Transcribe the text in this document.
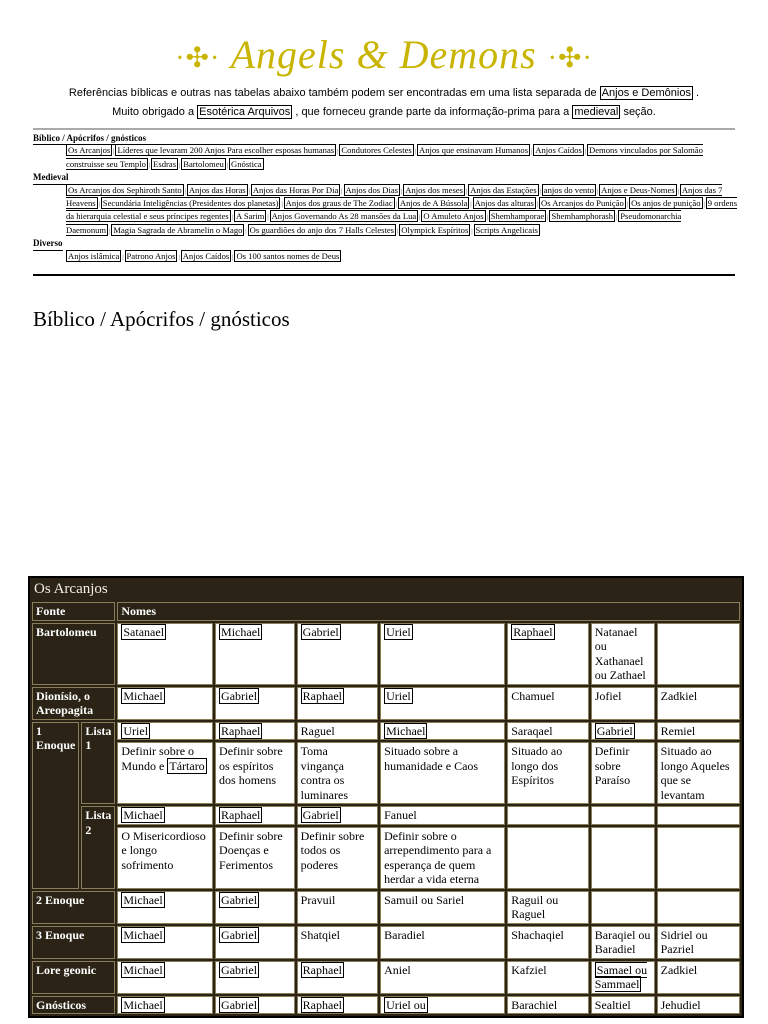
·✣· Angels & Demons ·✣·
Referências bíblicas e outras nas tabelas abaixo também podem ser encontradas em uma lista separada de Anjos e Demônios .
Muito obrigado a Esotérica Arquivos , que forneceu grande parte da informação-prima para a medieval seção.
Bíblico / Apócrifos / gnósticos
Os Arcanjos | Líderes que levaram 200 Anjos Para escolher esposas humanas | Condutores Celestes | Anjos que ensinavam Humanos | Anjos Caídos | Demons vinculados por Salomão construisse seu Templo | Esdras | Bartolomeu | Gnóstica
Medieval
Os Arcanjos dos Sephiroth Santo | Anjos das Horas | Anjos das Horas Por Dia | Anjos dos Dias | Anjos dos meses | Anjos das Estações | anjos do vento | Anjos e Deus-Nomes | Anjos das 7 Heavens | Secundária Inteligências (Presidentes dos planetas) | Anjos dos graus de The Zodiac | Anjos de A Bússola | Anjos das alturas | Os Arcanjos do Punição | Os anjos de punição | 9 ordens da hierarquia celestial e seus príncipes regentes | A Sarim | Anjos Governando As 28 mansões da Lua | O Amuleto Anjos | Shemhamporae | Shemhamphorash | Pseudomonarchia Daemonum | Magia Sagrada de Abramelin o Mago | Os guardiões do anjo dos 7 Halls Celestes | Olympick Espíritos | Scripts Angelicais
Diverso
Anjos islâmica | Patrono Anjos | Anjos Caídos | Os 100 santos nomes de Deus
Bíblico / Apócrifos / gnósticos
Os Arcanjos
Fonte		Nomes						
Bartolomeu		Satanael	Michael	Gabriel	Uriel	Raphael	Natanael ou Xathanael ou Zathael	
Dionísio, o Areopagita		Michael	Gabriel	Raphael	Uriel	Chamuel	Jofiel	Zadkiel
1 Enoque	Lista 1	Uriel	Raphael	Raguel	Michael	Saraqael	Gabriel	Remiel
		Definir sobre o Mundo e Tártaro	Definir sobre os espíritos dos homens	Toma vingança contra os luminares	Situado sobre a humanidade e Caos	Situado ao longo dos Espíritos	Definir sobre Paraíso	Situado ao longo Aqueles que se levantam
	Lista 2	Michael	Raphael	Gabriel	Fanuel			
		O Misericordioso e longo sofrimento	Definir sobre Doenças e Ferimentos	Definir sobre todos os poderes	Definir sobre o arrependimento para a esperança de quem herdar a vida eterna			
2 Enoque		Michael	Gabriel	Pravuil	Samuil ou Sariel	Raguil ou Raguel		
3 Enoque		Michael	Gabriel	Shatqiel	Baradiel	Shachaqiel	Baraqiel ou Baradiel	Sidriel ou Pazriel
Lore geonic		Michael	Gabriel	Raphael	Aniel	Kafziel	Samael ou Sammael	Zadkiel
Gnósticos		Michael	Gabriel	Raphael	Uriel ou	Barachiel	Sealtiel	Jehudiel
